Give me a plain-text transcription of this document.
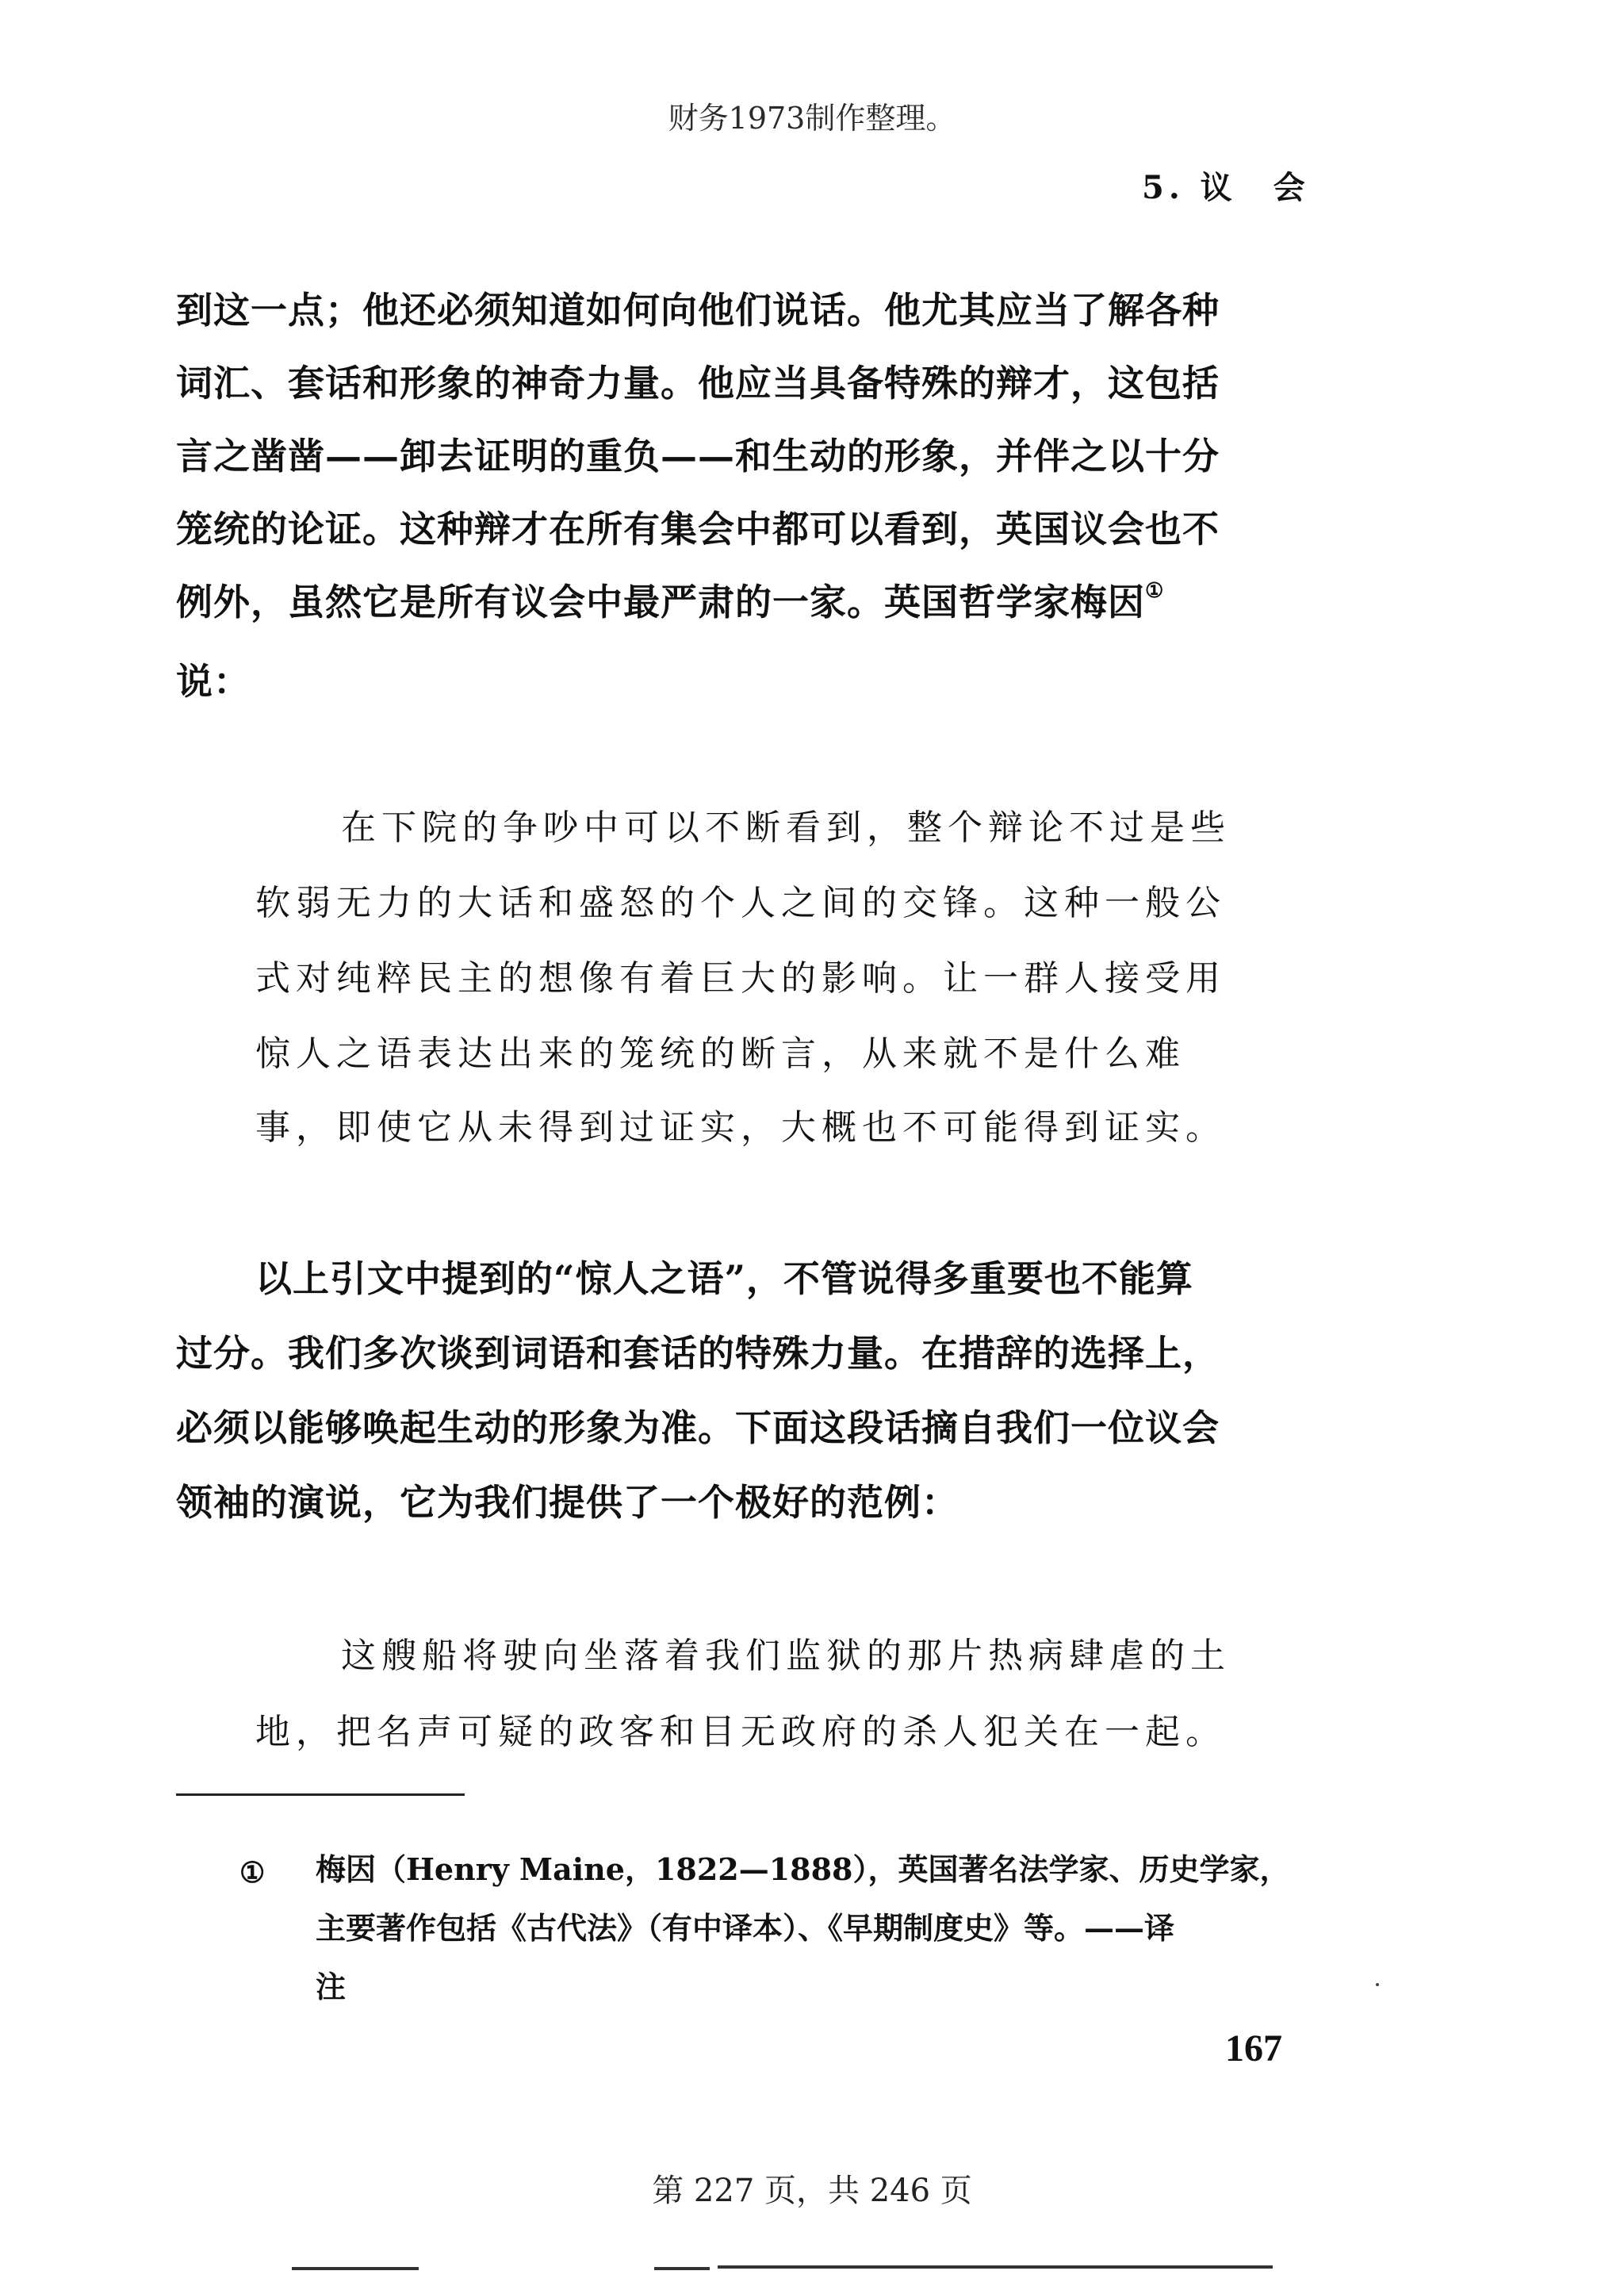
财务1973制作整理。
5. 议　会
到这一点；他还必须知道如何向他们说话。他尤其应当了解各种
词汇、套话和形象的神奇力量。他应当具备特殊的辩才，这包括
言之凿凿——卸去证明的重负——和生动的形象，并伴之以十分
笼统的论证。这种辩才在所有集会中都可以看到，英国议会也不
例外，虽然它是所有议会中最严肃的一家。英国哲学家梅因①
说：
在下院的争吵中可以不断看到，整个辩论不过是些
软弱无力的大话和盛怒的个人之间的交锋。这种一般公
式对纯粹民主的想像有着巨大的影响。让一群人接受用
惊人之语表达出来的笼统的断言，从来就不是什么难
事，即使它从未得到过证实，大概也不可能得到证实。
以上引文中提到的“惊人之语”，不管说得多重要也不能算
过分。我们多次谈到词语和套话的特殊力量。在措辞的选择上，
必须以能够唤起生动的形象为准。下面这段话摘自我们一位议会
领袖的演说，它为我们提供了一个极好的范例：
这艘船将驶向坐落着我们监狱的那片热病肆虐的土
地，把名声可疑的政客和目无政府的杀人犯关在一起。
① 梅因（Henry Maine，1822—1888），英国著名法学家、历史学家，
主要著作包括《古代法》（有中译本）、《早期制度史》等。——译
注
167
第 227 页，共 246 页
